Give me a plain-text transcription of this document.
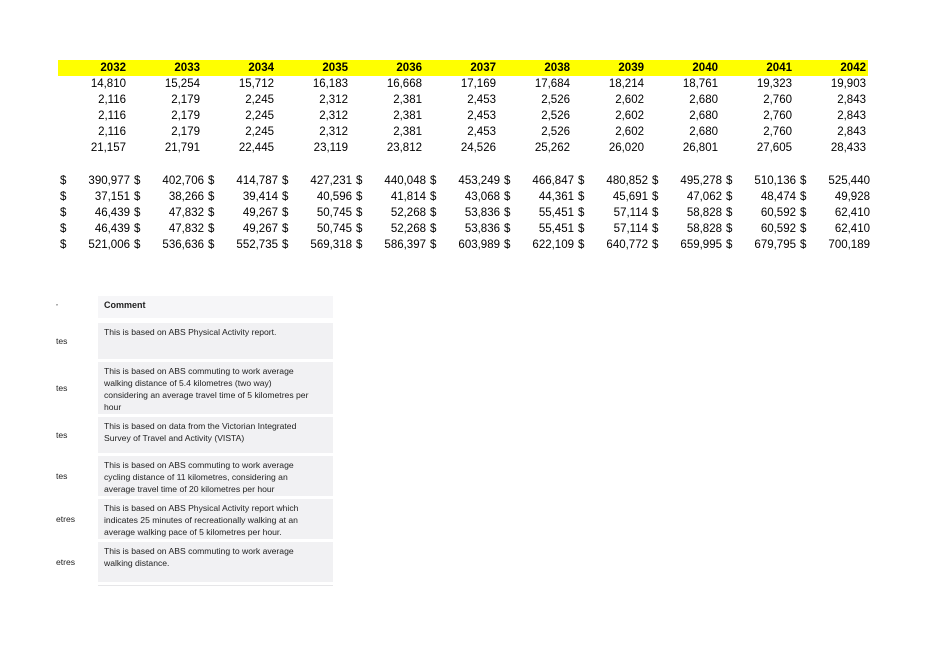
2032	2033	2034	2035	2036	2037	2038	2039	2040	2041	2042
14,810	15,254	15,712	16,183	16,668	17,169	17,684	18,214	18,761	19,323	19,903
2,116	2,179	2,245	2,312	2,381	2,453	2,526	2,602	2,680	2,760	2,843
2,116	2,179	2,245	2,312	2,381	2,453	2,526	2,602	2,680	2,760	2,843
2,116	2,179	2,245	2,312	2,381	2,453	2,526	2,602	2,680	2,760	2,843
21,157	21,791	22,445	23,119	23,812	24,526	25,262	26,020	26,801	27,605	28,433
$	390,977	$	402,706	$	414,787	$	427,231	$	440,048	$	453,249	$	466,847	$	480,852	$	495,278	$	510,136	$	525,440
$	37,151	$	38,266	$	39,414	$	40,596	$	41,814	$	43,068	$	44,361	$	45,691	$	47,062	$	48,474	$	49,928
$	46,439	$	47,832	$	49,267	$	50,745	$	52,268	$	53,836	$	55,451	$	57,114	$	58,828	$	60,592	$	62,410
$	46,439	$	47,832	$	49,267	$	50,745	$	52,268	$	53,836	$	55,451	$	57,114	$	58,828	$	60,592	$	62,410
$	521,006	$	536,636	$	552,735	$	569,318	$	586,397	$	603,989	$	622,109	$	640,772	$	659,995	$	679,795	$	700,189
’	Comment
tes
This is based on ABS Physical Activity report.
tes
This is based on ABS commuting to work average
walking distance of 5.4 kilometres (two way)
considering an average travel time of 5 kilometres per
hour
tes
This is based on data from the Victorian Integrated
Survey of Travel and Activity (VISTA)
tes
This is based on ABS commuting to work average
cycling distance of 11 kilometres, considering an
average travel time of 20 kilometres per hour
etres
This is based on ABS Physical Activity report which
indicates 25 minutes of recreationally walking at an
average walking pace of 5 kilometres per hour.
etres
This is based on ABS commuting to work average
walking distance.
